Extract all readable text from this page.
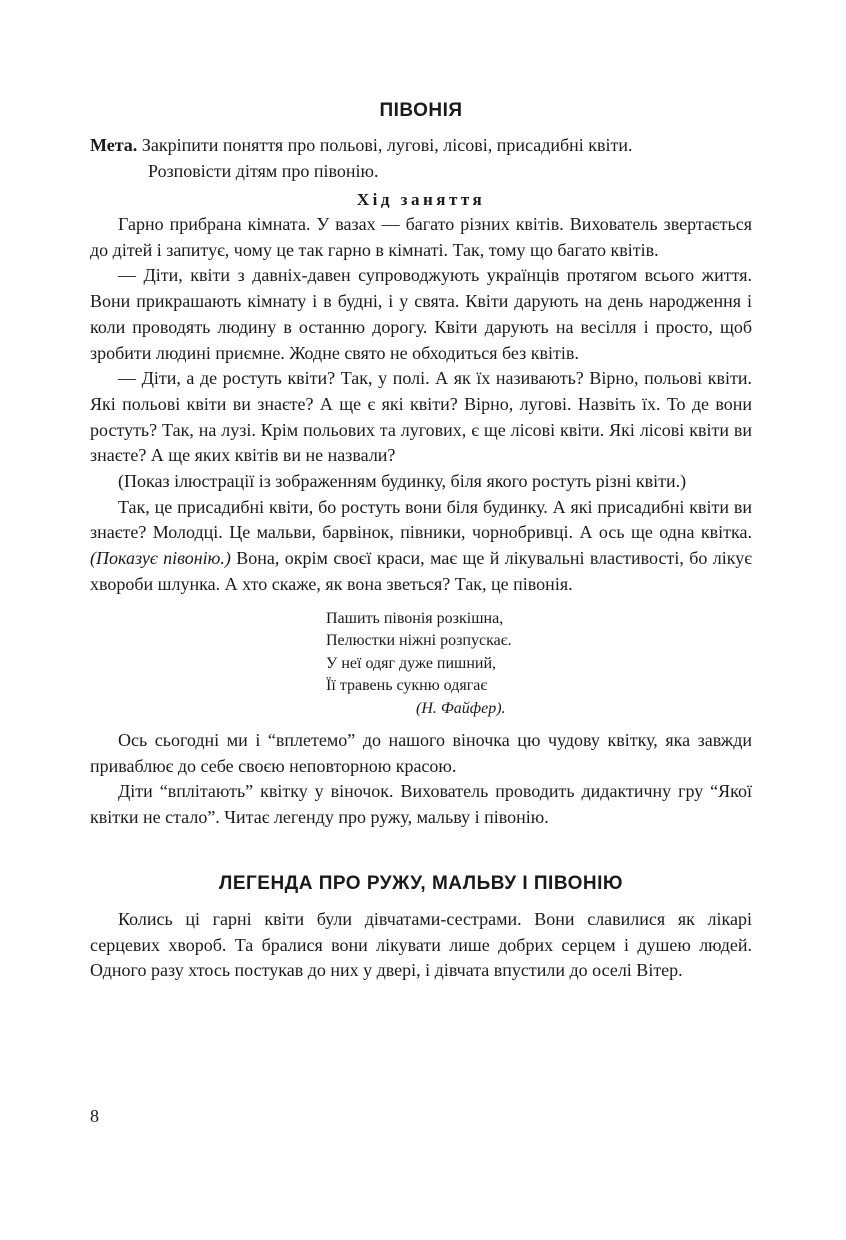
ПІВОНІЯ

Мета. Закріпити поняття про польові, лугові, лісові, присадибні квіти.
Розповісти дітям про півонію.

Хід заняття

Гарно прибрана кімната. У вазах — багато різних квітів. Вихователь звертається до дітей і запитує, чому це так гарно в кімнаті. Так, тому що багато квітів.

— Діти, квіти з давніх-давен супроводжують українців протягом всього життя. Вони прикрашають кімнату і в будні, і у свята. Квіти дарують на день народження і коли проводять людину в останню дорогу. Квіти дарують на весілля і просто, щоб зробити людині приємне. Жодне свято не обходиться без квітів.

— Діти, а де ростуть квіти? Так, у полі. А як їх називають? Вірно, польові квіти. Які польові квіти ви знаєте? А ще є які квіти? Вірно, лугові. Назвіть їх. То де вони ростуть? Так, на лузі. Крім польових та лугових, є ще лісові квіти. Які лісові квіти ви знаєте? А ще яких квітів ви не назвали?

(Показ ілюстрації із зображенням будинку, біля якого ростуть різні квіти.)

Так, це присадибні квіти, бо ростуть вони біля будинку. А які присадибні квіти ви знаєте? Молодці. Це мальви, барвінок, півники, чорнобривці. А ось ще одна квітка. (Показує півонію.) Вона, окрім своєї краси, має ще й лікувальні властивості, бо лікує хвороби шлунка. А хто скаже, як вона зветься? Так, це півонія.

Пашить півонія розкішна,
Пелюстки ніжні розпускає.
У неї одяг дуже пишний,
Її травень сукню одягає
(Н. Файфер).

Ось сьогодні ми і “вплетемо” до нашого віночка цю чудову квітку, яка завжди приваблює до себе своєю неповторною красою.

Діти “вплітають” квітку у віночок. Вихователь проводить дидактичну гру “Якої квітки не стало”. Читає легенду про ружу, мальву і півонію.

ЛЕГЕНДА ПРО РУЖУ, МАЛЬВУ І ПІВОНІЮ

Колись ці гарні квіти були дівчатами-сестрами. Вони славилися як лікарі серцевих хвороб. Та бралися вони лікувати лише добрих серцем і душею людей. Одного разу хтось постукав до них у двері, і дівчата впустили до оселі Вітер.

8
